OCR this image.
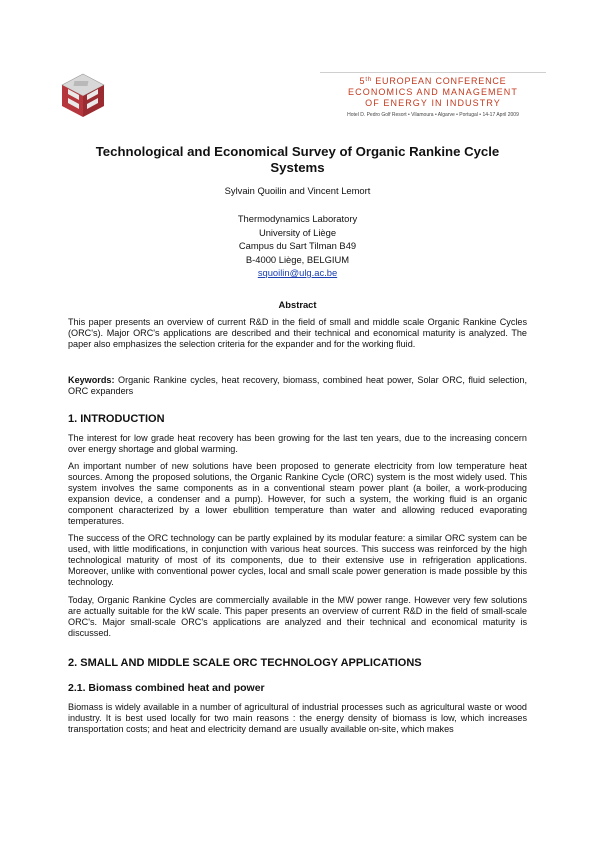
5th EUROPEAN CONFERENCE
ECONOMICS AND MANAGEMENT
OF ENERGY IN INDUSTRY
Hotel D. Pedro Golf Resort • Vilamoura • Algarve • Portugal • 14-17 April 2009
Technological and Economical Survey of Organic Rankine Cycle
Systems
Sylvain Quoilin and Vincent Lemort
Thermodynamics Laboratory
University of Liège
Campus du Sart Tilman B49
B-4000 Liège, BELGIUM
squoilin@ulg.ac.be
Abstract
This paper presents an overview of current R&D in the field of small and middle scale Organic Rankine Cycles (ORC's). Major ORC's applications are described and their technical and economical maturity is analyzed. The paper also emphasizes the selection criteria for the expander and for the working fluid.
Keywords: Organic Rankine cycles, heat recovery, biomass, combined heat power, Solar ORC, fluid selection, ORC expanders
1. INTRODUCTION
The interest for low grade heat recovery has been growing for the last ten years, due to the increasing concern over energy shortage and global warming.
An important number of new solutions have been proposed to generate electricity from low temperature heat sources. Among the proposed solutions, the Organic Rankine Cycle (ORC) system is the most widely used. This system involves the same components as in a conventional steam power plant (a boiler, a work-producing expansion device, a condenser and a pump). However, for such a system, the working fluid is an organic component characterized by a lower ebullition temperature than water and allowing reduced evaporating temperatures.
The success of the ORC technology can be partly explained by its modular feature: a similar ORC system can be used, with little modifications, in conjunction with various heat sources. This success was reinforced by the high technological maturity of most of its components, due to their extensive use in refrigeration applications. Moreover, unlike with conventional power cycles, local and small scale power generation is made possible by this technology.
Today, Organic Rankine Cycles are commercially available in the MW power range. However very few solutions are actually suitable for the kW scale. This paper presents an overview of current R&D in the field of small-scale ORC's. Major small-scale ORC's applications are analyzed and their technical and economical maturity is discussed.
2. SMALL AND MIDDLE SCALE ORC TECHNOLOGY APPLICATIONS
2.1. Biomass combined heat and power
Biomass is widely available in a number of agricultural of industrial processes such as agricultural waste or wood industry. It is best used locally for two main reasons : the energy density of biomass is low, which increases transportation costs; and heat and electricity demand are usually available on-site, which makes
